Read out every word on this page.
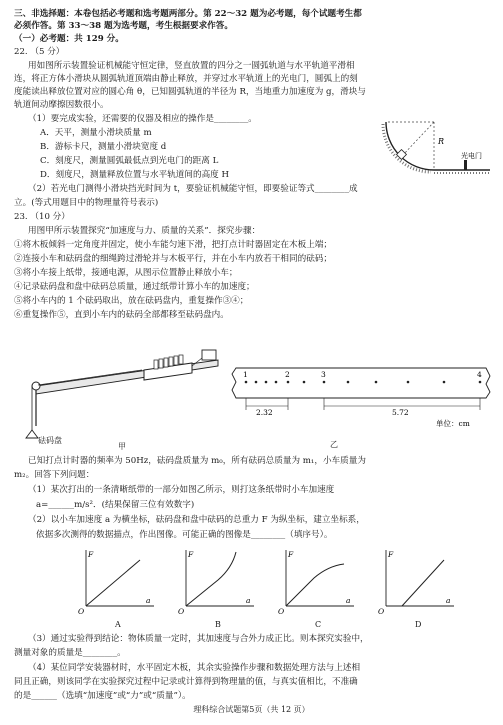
三、非选择题：本卷包括必考题和选考题两部分。第 22～32 题为必考题，每个试题考生都
必须作答。第 33～38 题为选考题，考生根据要求作答。
（一）必考题：共 129 分。
22. （5 分）
用如图所示装置验证机械能守恒定律，竖直放置的四分之一圆弧轨道与水平轨道平滑相
连，将正方体小滑块从圆弧轨道顶端由静止释放，并穿过水平轨道上的光电门，圆弧上的刻
度能读出释放位置对应的圆心角 θ，已知圆弧轨道的半径为 R，当地重力加速度为 g，滑块与
轨道间动摩擦因数很小。
（1）要完成实验，还需要的仪器及相应的操作是________。
A．天平，测量小滑块质量 m
B．游标卡尺，测量小滑块宽度 d
C．刻度尺，测量圆弧最低点到光电门的距离 L
D．刻度尺，测量释放位置与水平轨道间的高度 H
（2）若光电门测得小滑块挡光时间为 t，要验证机械能守恒，即要验证等式________成
立。(等式用题目中的物理量符号表示)
R
光电门
23. （10 分）
用图甲所示装置探究“加速度与力、质量的关系”．探究步骤：
①将木板倾斜一定角度并固定，使小车能匀速下滑，把打点计时器固定在木板上端；
②连接小车和砝码盘的细绳跨过滑轮并与木板平行，并在小车内放若干相同的砝码；
③将小车接上纸带，接通电源，从图示位置静止释放小车；
④记录砝码盘和盘中砝码总质量，通过纸带计算小车的加速度；
⑤将小车内的 1 个砝码取出，放在砝码盘内，重复操作③④；
⑥重复操作⑤，直到小车内的砝码全部都移至砝码盘内。
砝码盘
甲
1	2	3	4
2.32	5.72
单位：cm
乙
已知打点计时器的频率为 50Hz，砝码盘质量为 m₀，所有砝码总质量为 m₁，小车质量为
m₂。回答下列问题：
（1）某次打出的一条清晰纸带的一部分如图乙所示，则打这条纸带时小车加速度
a=______m/s²．(结果保留三位有效数字)
（2）以小车加速度 a 为横坐标，砝码盘和盘中砝码的总重力 F 为纵坐标，建立坐标系，
依据多次测得的数据描点，作出图像。可能正确的图像是________（填序号）。
F
a
O
F
a
O
F
a
O
F
a
O
A	B	C	D
（3）通过实验得到结论：物体质量一定时，其加速度与合外力成正比。则本探究实验中，
测量对象的质量是________。
（4）某位同学安装器材时，水平固定木板，其余实验操作步骤和数据处理方法与上述相
同且正确，则该同学在实验探究过程中记录或计算得到物理量的值，与真实值相比，不准确
的是______（选填“加速度”或“力”或“质量”）。
理科综合试题第5页（共 12 页）
